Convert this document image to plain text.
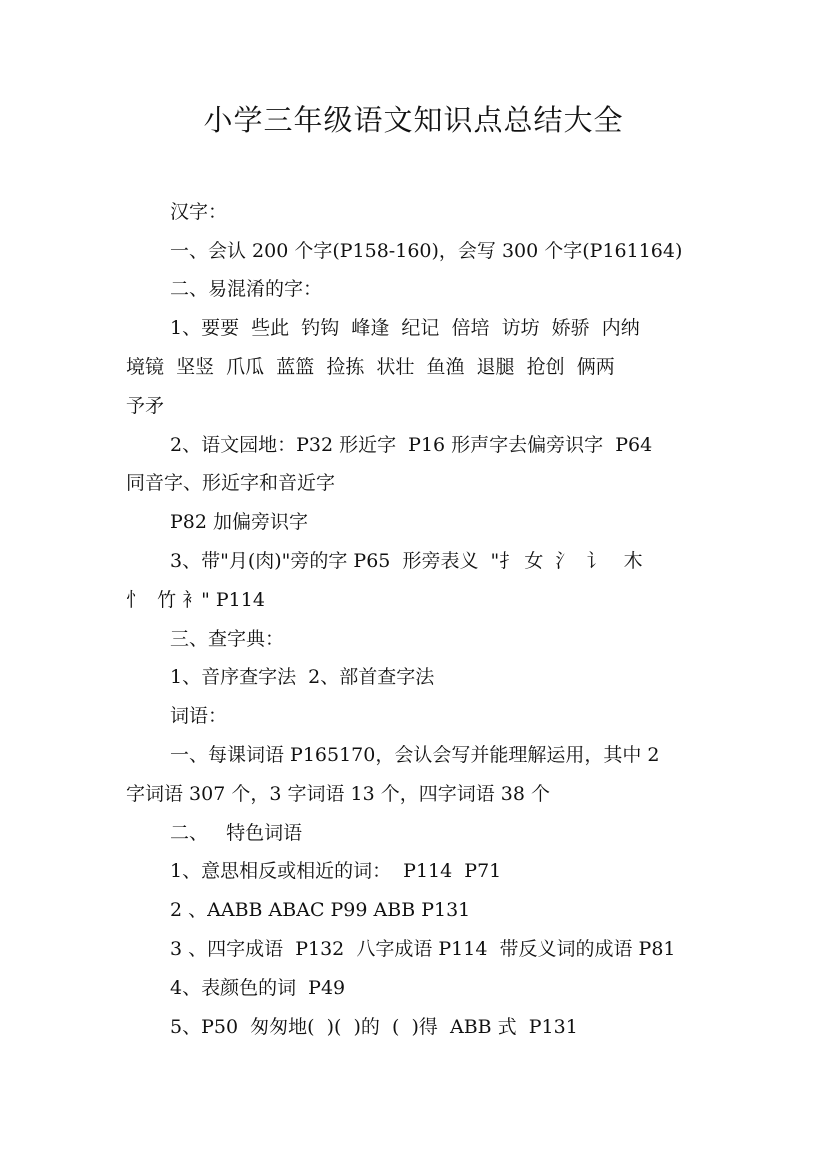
小学三年级语文知识点总结大全
汉字：
一、会认 200 个字(P158-160)，会写 300 个字(P161164)
二、易混淆的字：
1、要要  些此  钓钩  峰逢  纪记  倍培  访坊  娇骄  内纳
境镜  坚竖  爪瓜  蓝篮  捡拣  状壮  鱼渔  退腿  抢创  俩两
予矛
2、语文园地：P32 形近字  P16 形声字去偏旁识字  P64
同音字、形近字和音近字
P82 加偏旁识字
3、带"月(肉)"旁的字 P65  形旁表义  "扌 女  氵  讠   木
忄  竹 衤" P114
三、查字典：
1、音序查字法  2、部首查字法
词语：
一、每课词语 P165170，会认会写并能理解运用，其中 2
字词语 307 个，3 字词语 13 个，四字词语 38 个
二、   特色词语
1、意思相反或相近的词：  P114  P71
2 、AABB ABAC P99 ABB P131
3 、四字成语  P132  八字成语 P114  带反义词的成语 P81
4、表颜色的词  P49
5、P50  匆匆地(  )(  )的  (  )得  ABB 式  P131
